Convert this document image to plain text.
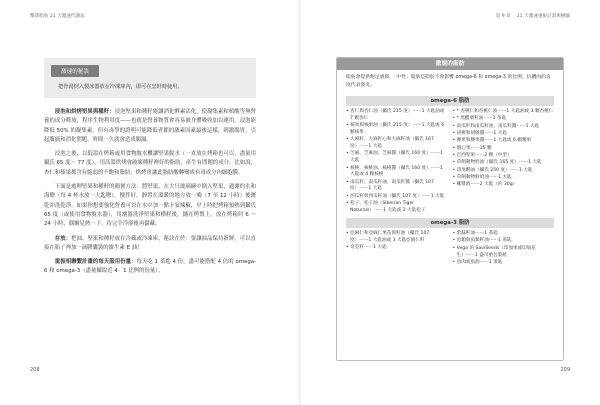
擊潰脂肪 21 天激速代謝法
激速的秘訣
把骨湯倒入製冰器放在冷凍庫內，即可在烹飪時使用。

浸泡和烘烤堅果與種籽：浸泡堅果和種籽能讓消化酵素活化，使凝集素和植酸等無營養的成分釋放，程序生物利用度——也就是營養物質會容易被身體吸收加以運用。浸泡能降低 50% 的凝集素，但有毒學的證明可能降低者都的激素因素最後這樣，刺激腸胃，引起腹痛和消化問題，時間一久就會造成腸漏。

浸泡之後，以低溫在烤箱或用食物脫水機讓堅果脫水（一直放在烤箱也可以，盡量用攝氏 65 度～ 77 度），用高溫烘烤會破壞種籽裡好的脂肪，產生有問題的成分，比如說，杏仁和榛果都含有脆弱的不飽和脂肪，烘烤會讓此脂肪酸轉變成有毒成分內細胞膜。

下面是處理堅果和種籽的簡便方法：將堅果、在大只玻璃碗中倒入堅果，過濾的水和海鹽（每 4 杯水放一大匙鹽），攪拌好，靜置在溫暖的地方放一晚（7 至 12 小時）後瀝乾沖洗乾淨。如果你想要強化營養可以在水中加一點卡宴辣椒，早上時把烤箱預熱到攝氏 65 度（或使用食物脫水器），用濾器洗淨堅果和種籽後，鋪在烤盤上，放在烤箱約 6 ～ 24 小時，偶爾見熱一下，待完全冷卻後再儲藏。

存放：把油、堅果和種籽放在冷藏或冷凍庫，秘訣在於：要讓油品保持新鮮，可以直接在瓶子裡加一滴膠囊裝的維生素 E 油！

重振相聯繫計畫的每天服用份量：每天吃 1 茶匙 4 份，盡可能搭配 4 倍的 omega-6 和 omega-3（盡量攝取近 4：1 比例的份量）。

208
第 9 章 21 天激速重振計畫與檢驗
激速的脂肪
脂肪會提供飽足感與，「中性」脂肪是脂肪不會影響 omega-6 和 omega-3 的比例，抗體內的直度代表發炎。
omega-6 脂肪
• 杏仁與杏仁油（攝氏 215 度）⋯⋯1 大匙油或 7 顆杏仁
• 核果與核果油（攝氏 215 度）⋯⋯1 大匙或 6 顆核果
• 大麻籽、大麻籽心和大麻籽油（攝氏 167 度）⋯⋯1 大匙
• 芝麻、芝麻油、芝麻醬（攝氏 160 度）⋯⋯1 大匙
• 核桃、核桃油、核桃醬（攝氏 160 度）⋯⋯1 大匙或 4 顆核桃
• 南瓜籽、南瓜籽油、南瓜籽醬（攝氏 107 度）⋯⋯1 大匙
• 西瓜籽與西瓜籽油（攝氏 107 度）⋯⋯1 大匙
• 松子、松子油（Siberian Tiger Naturals）⋯⋯1 大匙或 2 大匙松子
• * 杏桃仁和杏桃仁油⋯⋯1 大匙油或 3 顆杏桃仁
• * 黑醋栗籽油⋯⋯1 茶匙
• 南瓜籽和南瓜籽油、南瓜籽醬⋯⋯1 大匙
• 胡桃和胡桃醬⋯⋯1 大匙
• 腰果和腰果醬⋯⋯1 大匙或 6 顆腰果
• 開心果⋯⋯15 顆
• 巴西堅果⋯⋯2 顆（中型）
• 草飼動物奶油（攝氏 165 度）⋯⋯1 大匙
• 印度酥油（攝氏 250 度）⋯⋯1 大匙
• 草飼動物鮮奶油⋯⋯1 大匙
• 椰漿液⋯⋯2 大匙（約 30g）
omega-3 脂肪
• 亞麻仁和亞麻仁果苗與籽油（攝氏 107 度）⋯⋯1 大匙油或 3 大匙亞麻仁籽
• 奇亞籽⋯⋯1 大匙
• 紫蘇籽油⋯⋯1 茶匙
• 魚類與魚類籽油⋯⋯1 茶匙
• Vega 的 SaviSeeds（印加果或印加花生）⋯⋯1 盎司重包裝紙
• 魚肉或魚油⋯⋯1 茶匙
209
